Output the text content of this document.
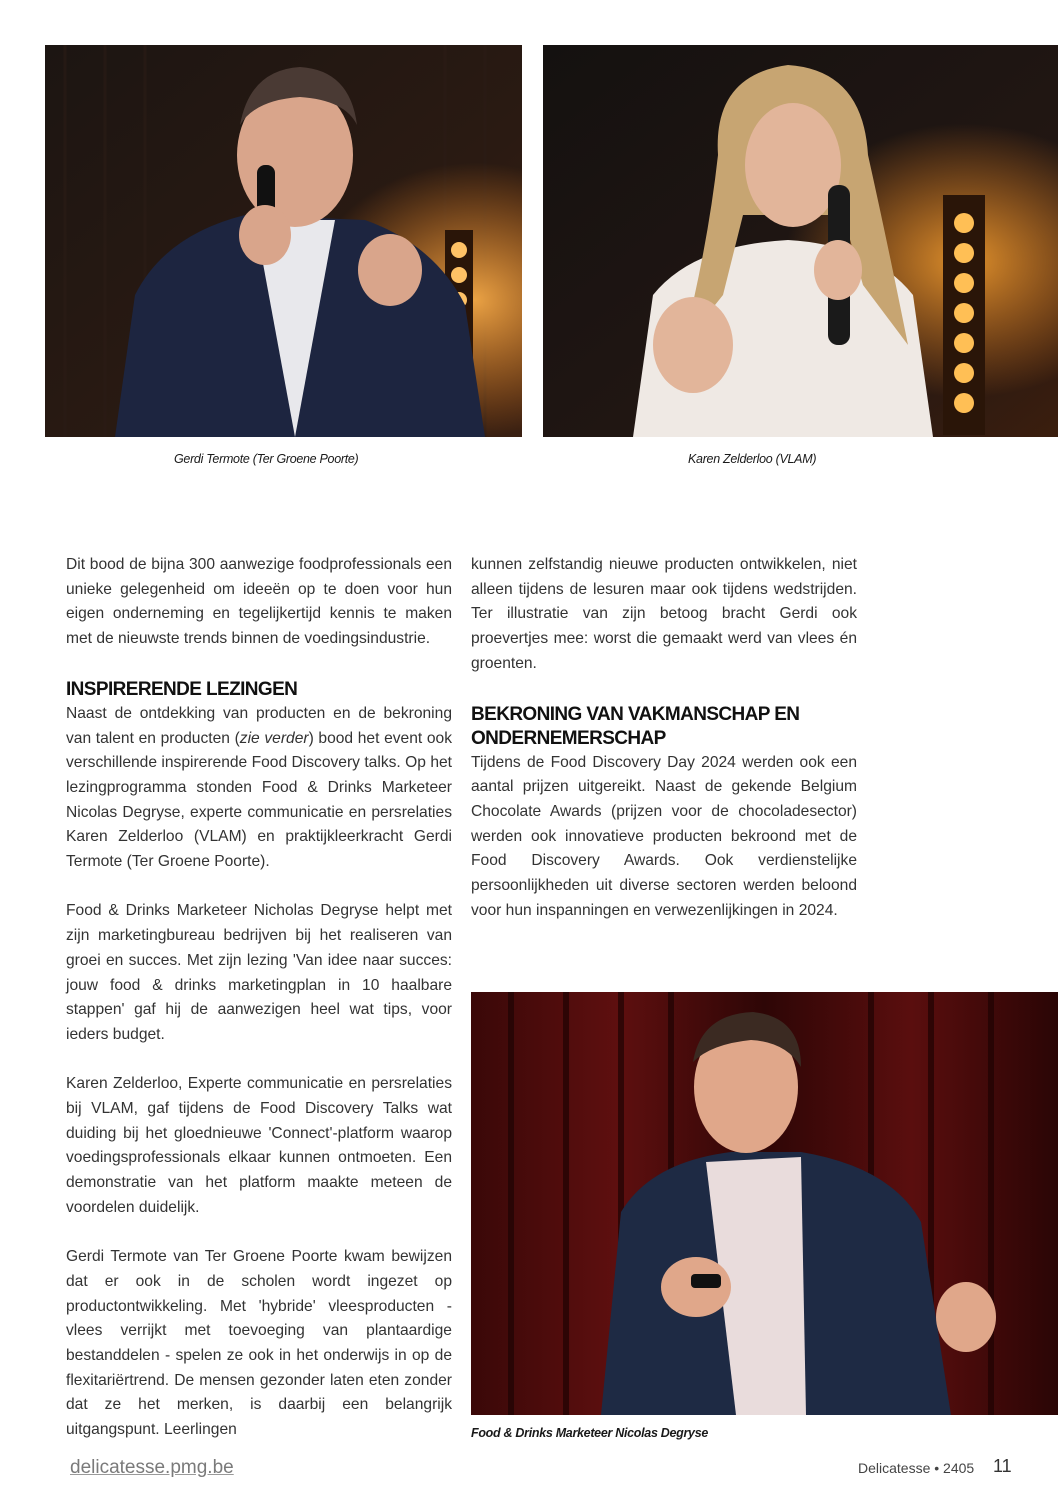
Gerdi Termote (Ter Groene Poorte)	Karen Zelderloo (VLAM)

Dit bood de bijna 300 aanwezige foodprofessionals een unieke gelegenheid om ideeën op te doen voor hun eigen onderneming en tegelijkertijd kennis te maken met de nieuwste trends binnen de voedingsindustrie.

INSPIRERENDE LEZINGEN

Naast de ontdekking van producten en de bekroning van talent en producten (zie verder) bood het event ook verschillende inspirerende Food Discovery talks. Op het lezingprogramma stonden Food & Drinks Marketeer Nicolas Degryse, experte communicatie en persrelaties Karen Zelderloo (VLAM) en praktijkleerkracht Gerdi Termote (Ter Groene Poorte).

Food & Drinks Marketeer Nicholas Degryse helpt met zijn marketingbureau bedrijven bij het realiseren van groei en succes. Met zijn lezing 'Van idee naar succes: jouw food & drinks marketingplan in 10 haalbare stappen' gaf hij de aanwezigen heel wat tips, voor ieders budget.

Karen Zelderloo, Experte communicatie en persrelaties bij VLAM, gaf tijdens de Food Discovery Talks wat duiding bij het gloednieuwe 'Connect'-platform waarop voedingsprofessionals elkaar kunnen ontmoeten. Een demonstratie van het platform maakte meteen de voordelen duidelijk.

Gerdi Termote van Ter Groene Poorte kwam bewijzen dat er ook in de scholen wordt ingezet op productontwikkeling. Met 'hybride' vleesproducten - vlees verrijkt met toevoeging van plantaardige bestanddelen - spelen ze ook in het onderwijs in op de flexitariërtrend. De mensen gezonder laten eten zonder dat ze het merken, is daarbij een belangrijk uitgangspunt. Leerlingen

kunnen zelfstandig nieuwe producten ontwikkelen, niet alleen tijdens de lesuren maar ook tijdens wedstrijden. Ter illustratie van zijn betoog bracht Gerdi ook proevertjes mee: worst die gemaakt werd van vlees én groenten.

BEKRONING VAN VAKMANSCHAP EN ONDERNEMERSCHAP

Tijdens de Food Discovery Day 2024 werden ook een aantal prijzen uitgereikt. Naast de gekende Belgium Chocolate Awards (prijzen voor de chocoladesector) werden ook innovatieve producten bekroond met de Food Discovery Awards. Ook verdienstelijke persoonlijkheden uit diverse sectoren werden beloond voor hun inspanningen en verwezenlijkingen in 2024.

Food & Drinks Marketeer Nicolas Degryse
delicatesse.pmg.be	Delicatesse • 2405 11
